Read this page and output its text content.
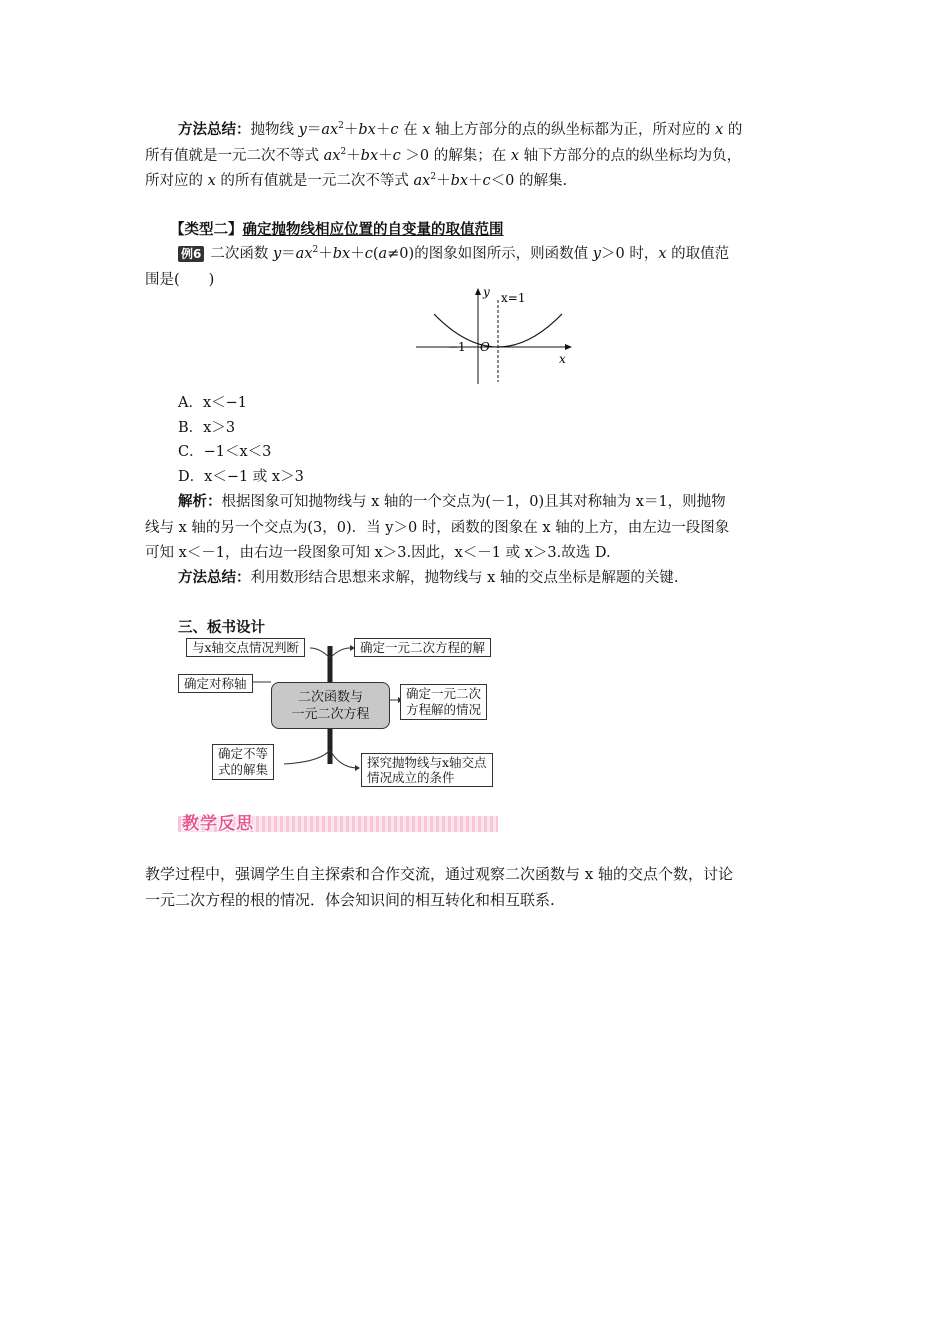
方法总结：抛物线 $y=ax^2+bx+c$ 在 x 轴上方部分的点的纵坐标都为正，所对应的 x 的
所有值就是一元二次不等式 $ax^2+bx+c >0$ 的解集；在 x 轴下方部分的点的纵坐标均为负，
所对应的 x 的所有值就是一元二次不等式 $ax^2+bx+c<0$ 的解集.
【类型二】确定抛物线相应位置的自变量的取值范围
例6 二次函数 $y=ax^2+bx+c(a\ne 0)$的图象如图所示，则函数值 y＞0 时，x 的取值范
围是(　　)
y x=1
x
−1 O
A．x＜−1
B．x＞3
C．−1＜x＜3
D．x＜−1 或 x＞3
解析：根据图象可知抛物线与 x 轴的一个交点为(－1，0)且其对称轴为 x＝1，则抛物
线与 x 轴的另一个交点为(3，0)．当 y＞0 时，函数的图象在 x 轴的上方，由左边一段图象
可知 x＜－1，由右边一段图象可知 x＞3.因此，x＜－1 或 x＞3.故选 D.
方法总结：利用数形结合思想来求解，抛物线与 x 轴的交点坐标是解题的关键.
三、板书设计
二次函数与
一元二次方程
与x轴交点情况判断
确定对称轴
确定不等
式的解集
确定一元二次方程的解
确定一元二次
方程解的情况
探究抛物线与x轴交点
情况成立的条件
教学反思
教学过程中，强调学生自主探索和合作交流，通过观察二次函数与 x 轴的交点个数，讨论
一元二次方程的根的情况．体会知识间的相互转化和相互联系.
